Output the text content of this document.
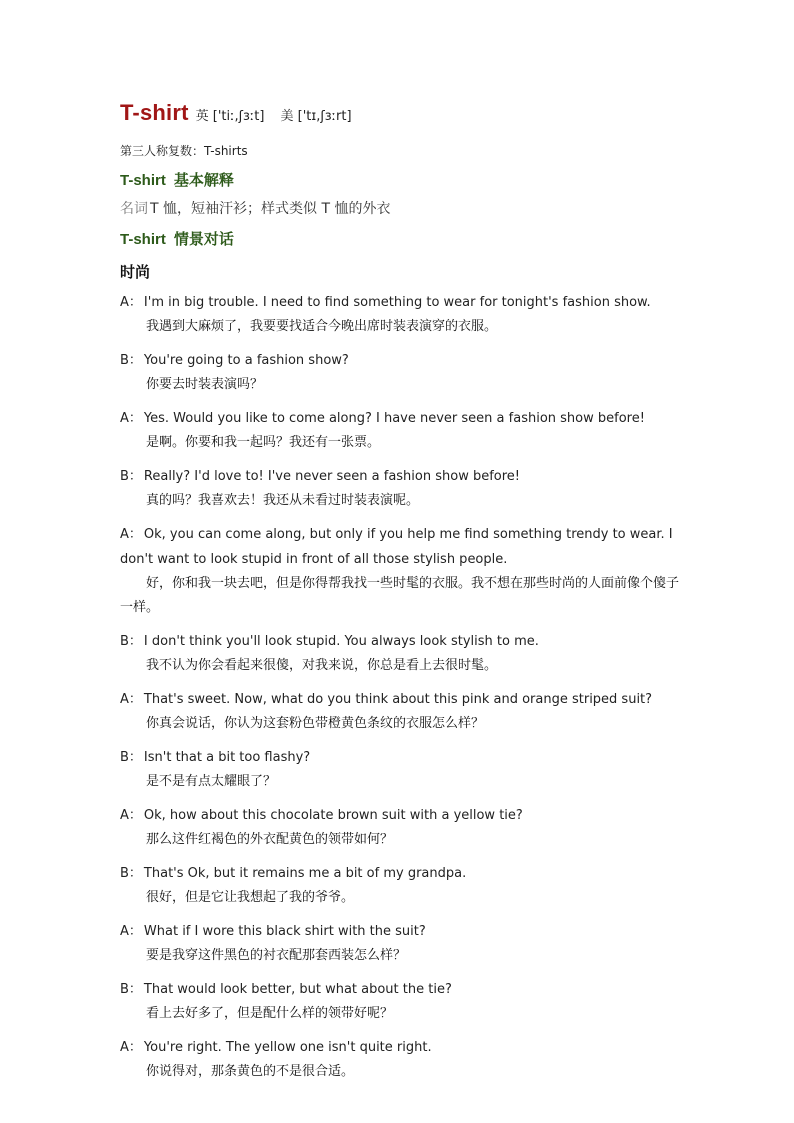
T-shirt 英 ['tiː,ʃɜːt] 美 ['tɪ,ʃɜːrt]
第三人称复数：T-shirts
T-shirt 基本解释
名词 T 恤，短袖汗衫；样式类似 T 恤的外衣
T-shirt 情景对话
时尚
A： I'm in big trouble. I need to find something to wear for tonight's fashion show.
我遇到大麻烦了，我要要找适合今晚出席时装表演穿的衣服。
B： You're going to a fashion show?
你要去时装表演吗？
A： Yes. Would you like to come along? I have never seen a fashion show before!
是啊。你要和我一起吗？我还有一张票。
B： Really? I'd love to! I've never seen a fashion show before!
真的吗？我喜欢去！我还从未看过时装表演呢。
A： Ok, you can come along, but only if you help me find something trendy to wear. I don't want to look stupid in front of all those stylish people.
好，你和我一块去吧，但是你得帮我找一些时髦的衣服。我不想在那些时尚的人面前像个傻子一样。
B： I don't think you'll look stupid. You always look stylish to me.
我不认为你会看起来很傻，对我来说，你总是看上去很时髦。
A： That's sweet. Now, what do you think about this pink and orange striped suit?
你真会说话，你认为这套粉色带橙黄色条纹的衣服怎么样？
B： Isn't that a bit too flashy?
是不是有点太耀眼了？
A： Ok, how about this chocolate brown suit with a yellow tie?
那么这件红褐色的外衣配黄色的领带如何？
B： That's Ok, but it remains me a bit of my grandpa.
很好，但是它让我想起了我的爷爷。
A： What if I wore this black shirt with the suit?
要是我穿这件黑色的衬衣配那套西装怎么样？
B： That would look better, but what about the tie?
看上去好多了，但是配什么样的领带好呢？
A： You're right. The yellow one isn't quite right.
你说得对，那条黄色的不是很合适。
